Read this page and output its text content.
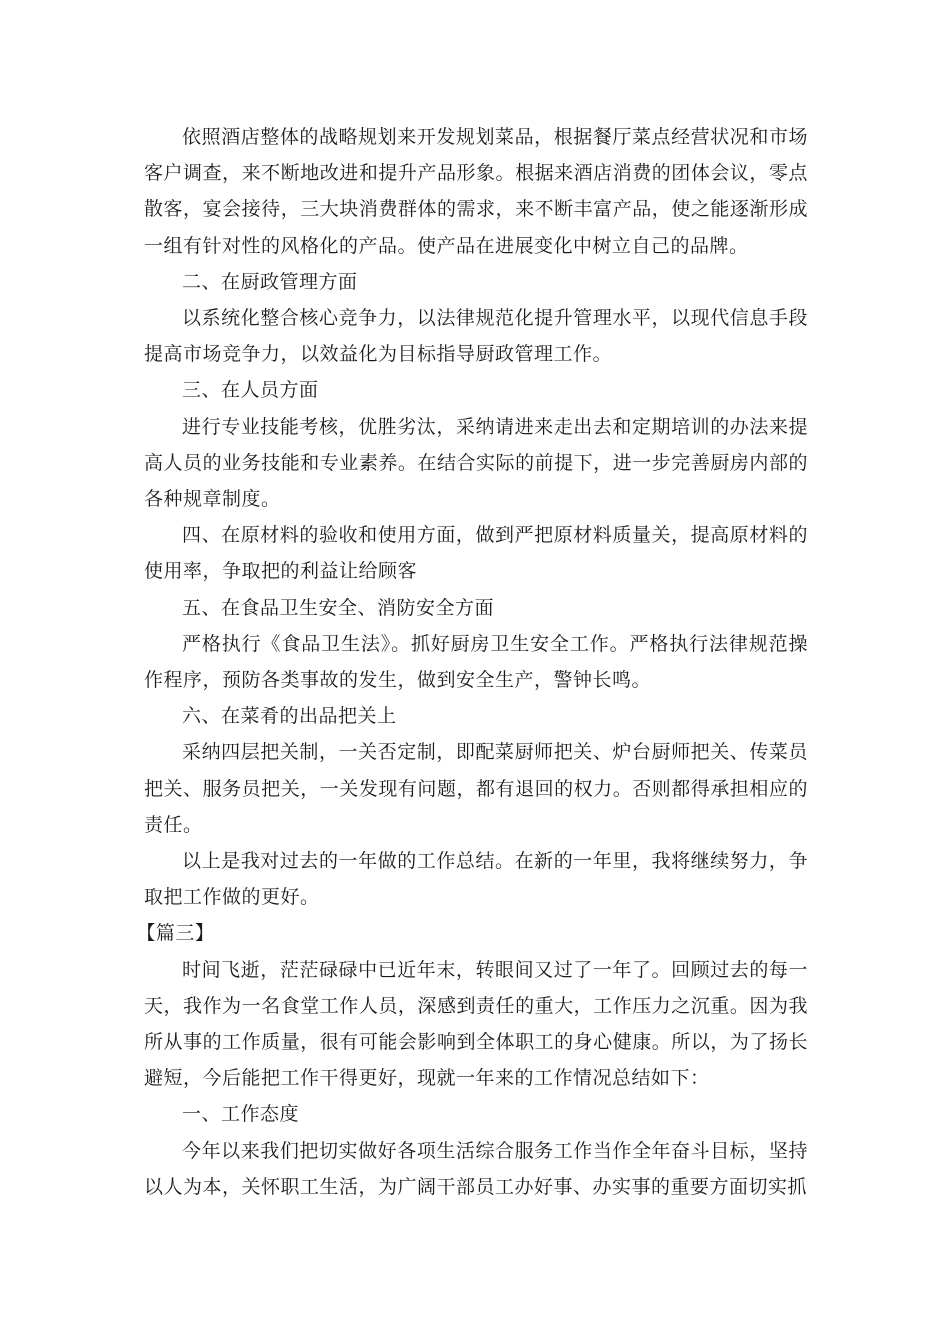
依照酒店整体的战略规划来开发规划菜品，根据餐厅菜点经营状况和市场客户调查，来不断地改进和提升产品形象。根据来酒店消费的团体会议，零点散客，宴会接待，三大块消费群体的需求，来不断丰富产品，使之能逐渐形成一组有针对性的风格化的产品。使产品在进展变化中树立自己的品牌。

二、在厨政管理方面

以系统化整合核心竞争力，以法律规范化提升管理水平，以现代信息手段提高市场竞争力，以效益化为目标指导厨政管理工作。

三、在人员方面

进行专业技能考核，优胜劣汰，采纳请进来走出去和定期培训的办法来提高人员的业务技能和专业素养。在结合实际的前提下，进一步完善厨房内部的各种规章制度。

四、在原材料的验收和使用方面，做到严把原材料质量关，提高原材料的使用率，争取把的利益让给顾客

五、在食品卫生安全、消防安全方面

严格执行《食品卫生法》。抓好厨房卫生安全工作。严格执行法律规范操作程序，预防各类事故的发生，做到安全生产，警钟长鸣。

六、在菜肴的出品把关上

采纳四层把关制，一关否定制，即配菜厨师把关、炉台厨师把关、传菜员把关、服务员把关，一关发现有问题，都有退回的权力。否则都得承担相应的责任。

以上是我对过去的一年做的工作总结。在新的一年里，我将继续努力，争取把工作做的更好。

【篇三】

时间飞逝，茫茫碌碌中已近年末，转眼间又过了一年了。回顾过去的每一天，我作为一名食堂工作人员，深感到责任的重大，工作压力之沉重。因为我所从事的工作质量，很有可能会影响到全体职工的身心健康。所以，为了扬长避短，今后能把工作干得更好，现就一年来的工作情况总结如下：

一、工作态度

今年以来我们把切实做好各项生活综合服务工作当作全年奋斗目标，坚持以人为本，关怀职工生活，为广阔干部员工办好事、办实事的重要方面切实抓
